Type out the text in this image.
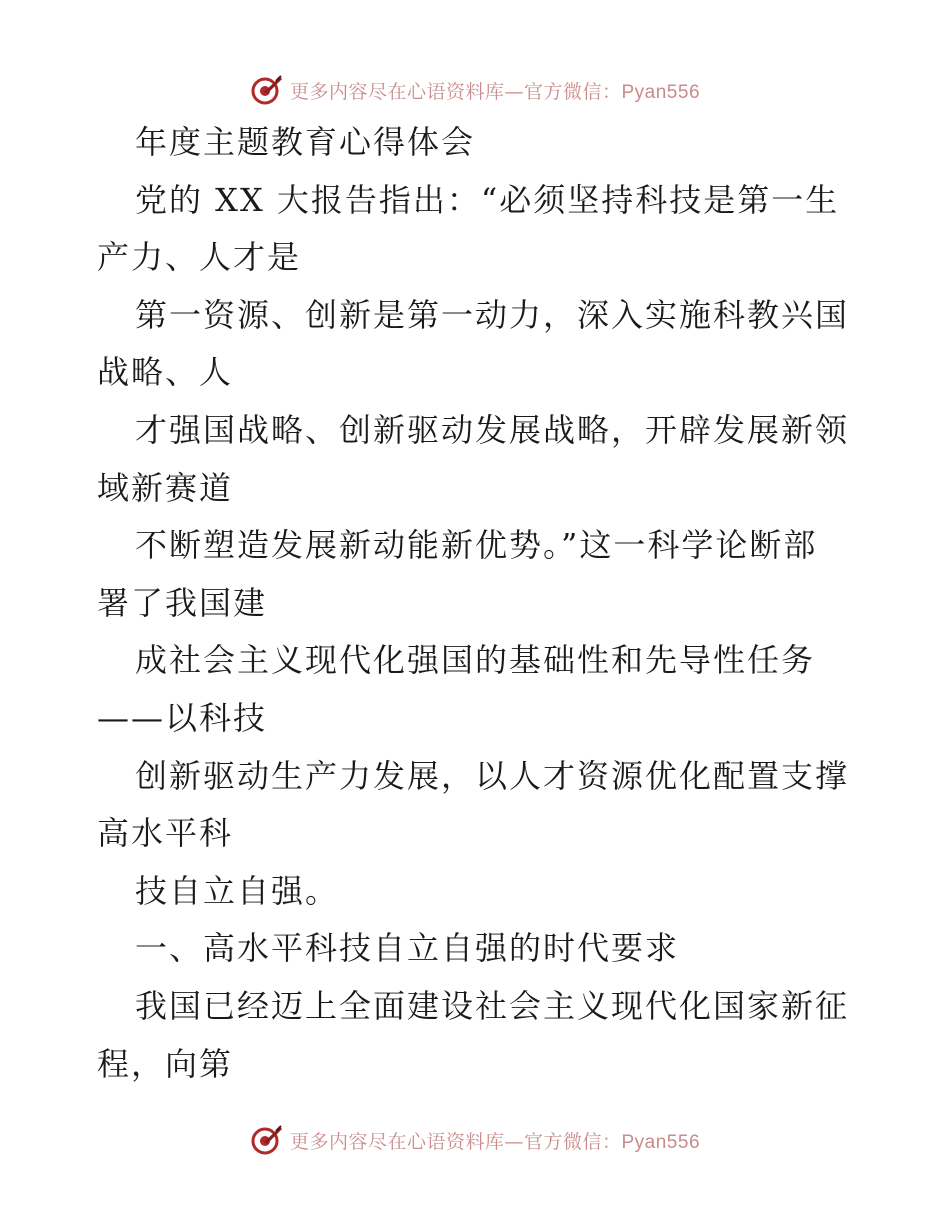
更多内容尽在心语资料库—官方微信：Pyan556
年度主题教育心得体会
党的 XX 大报告指出：“必须坚持科技是第一生
产力、人才是
第一资源、创新是第一动力，深入实施科教兴国
战略、人
才强国战略、创新驱动发展战略，开辟发展新领
域新赛道
不断塑造发展新动能新优势。”这一科学论断部
署了我国建
成社会主义现代化强国的基础性和先导性任务
——以科技
创新驱动生产力发展，以人才资源优化配置支撑
高水平科
技自立自强。
一、高水平科技自立自强的时代要求
我国已经迈上全面建设社会主义现代化国家新征
程，向第
更多内容尽在心语资料库—官方微信：Pyan556
